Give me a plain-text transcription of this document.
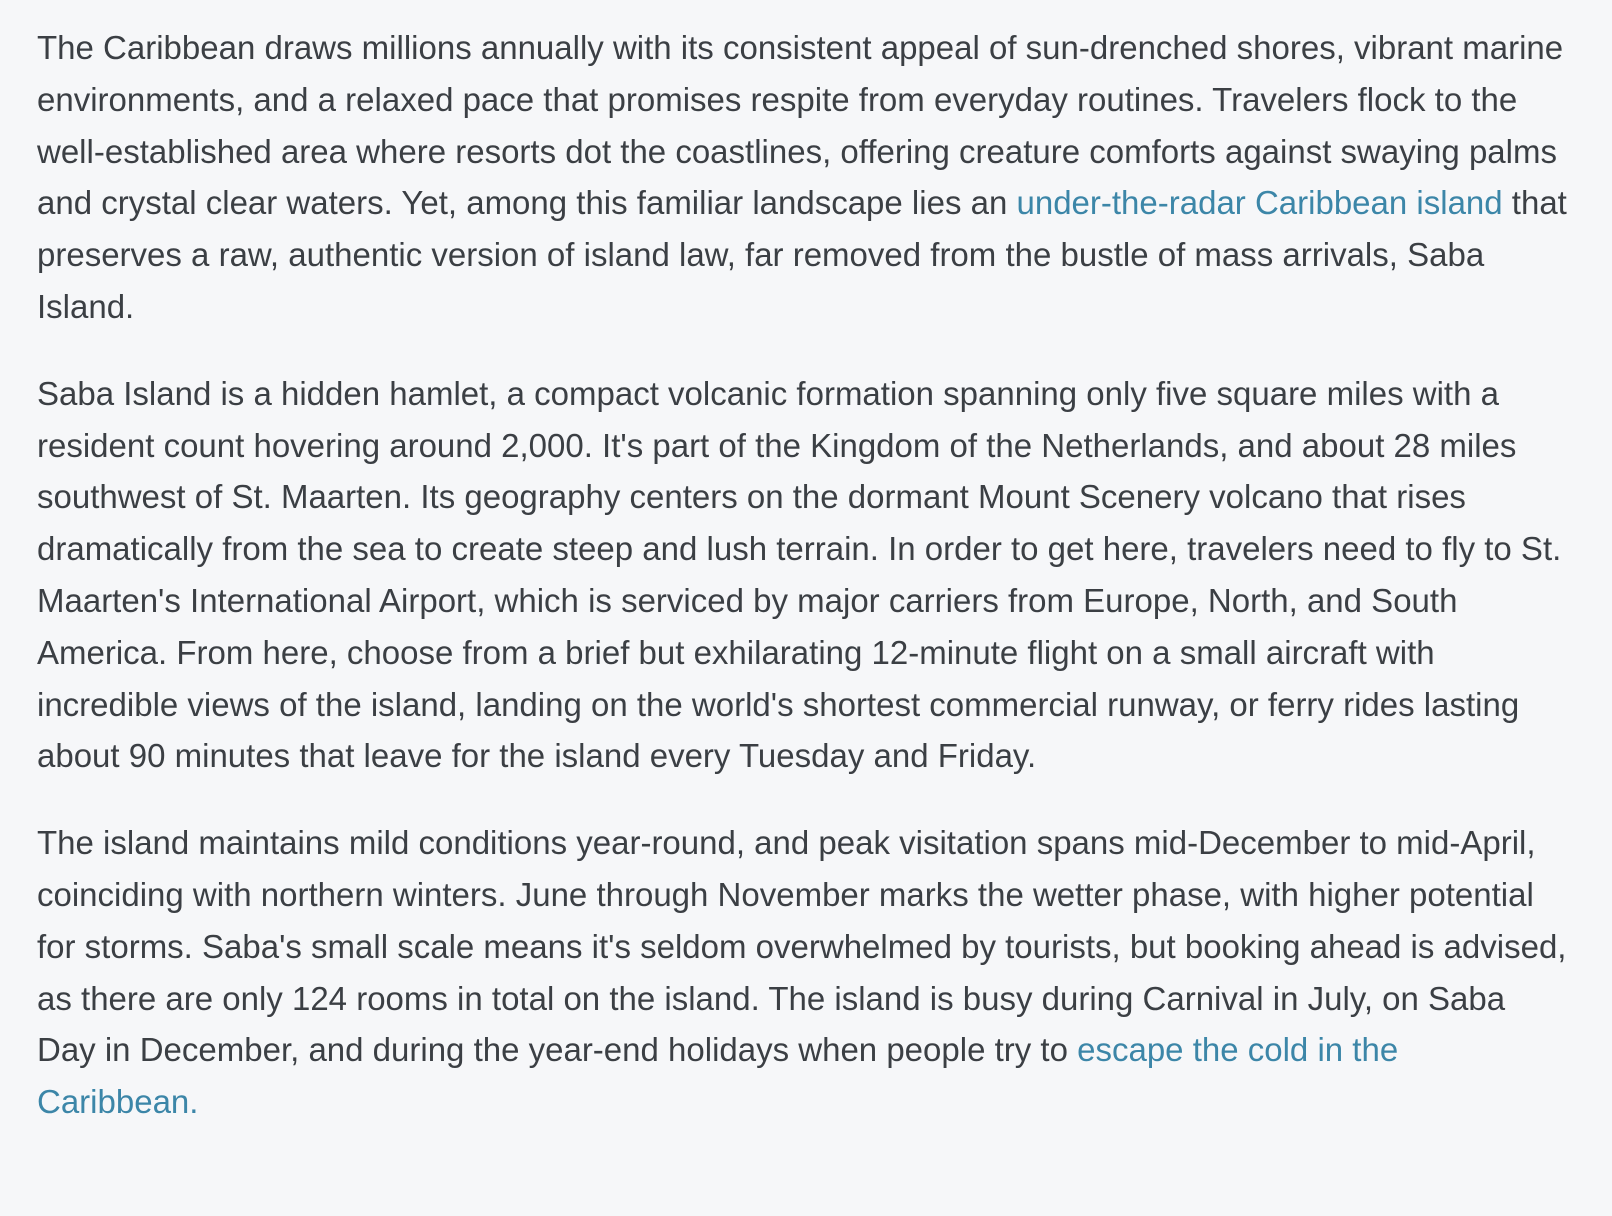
The Caribbean draws millions annually with its consistent appeal of sun-drenched shores, vibrant marine environments, and a relaxed pace that promises respite from everyday routines. Travelers flock to the well-established area where resorts dot the coastlines, offering creature comforts against swaying palms and crystal clear waters. Yet, among this familiar landscape lies an under-the-radar Caribbean island that preserves a raw, authentic version of island law, far removed from the bustle of mass arrivals, Saba Island.

Saba Island is a hidden hamlet, a compact volcanic formation spanning only five square miles with a resident count hovering around 2,000. It's part of the Kingdom of the Netherlands, and about 28 miles southwest of St. Maarten. Its geography centers on the dormant Mount Scenery volcano that rises dramatically from the sea to create steep and lush terrain. In order to get here, travelers need to fly to St. Maarten's International Airport, which is serviced by major carriers from Europe, North, and South America. From here, choose from a brief but exhilarating 12-minute flight on a small aircraft with incredible views of the island, landing on the world's shortest commercial runway, or ferry rides lasting about 90 minutes that leave for the island every Tuesday and Friday.

The island maintains mild conditions year-round, and peak visitation spans mid-December to mid-April, coinciding with northern winters. June through November marks the wetter phase, with higher potential for storms. Saba's small scale means it's seldom overwhelmed by tourists, but booking ahead is advised, as there are only 124 rooms in total on the island. The island is busy during Carnival in July, on Saba Day in December, and during the year-end holidays when people try to escape the cold in the Caribbean.
